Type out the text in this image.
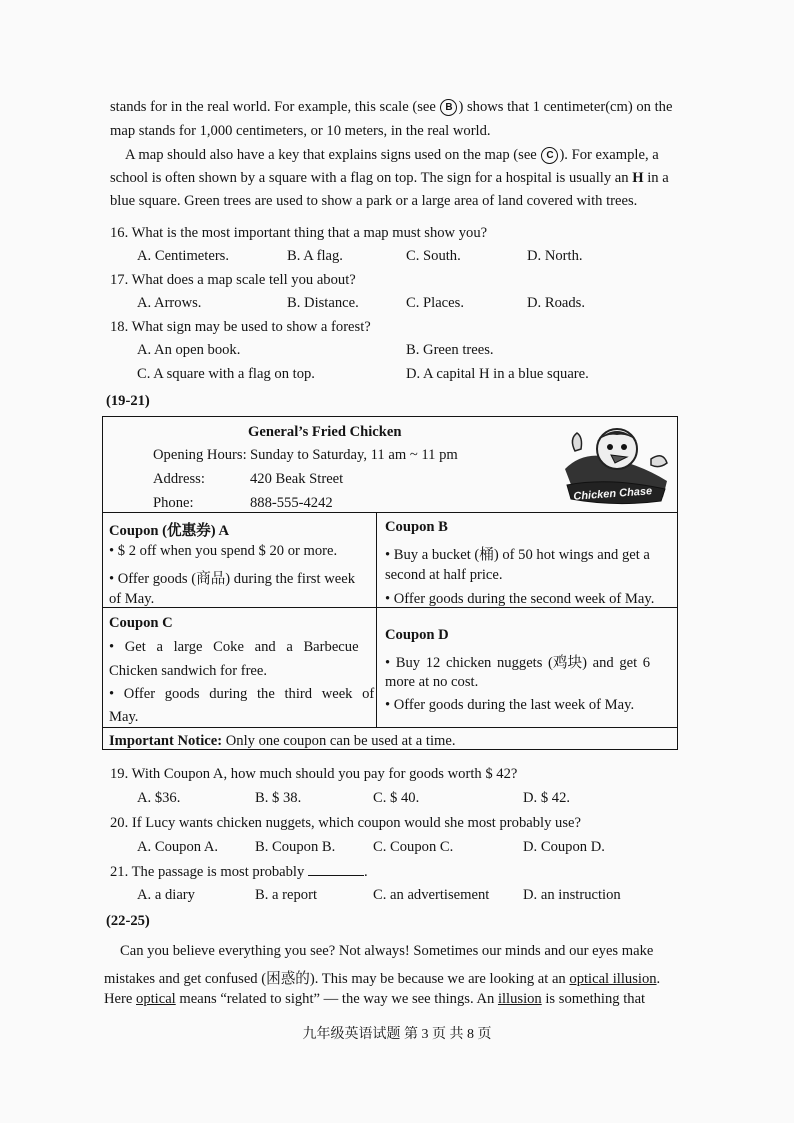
stands for in the real world. For example, this scale (see B ) shows that 1 centimeter(cm) on the
map stands for 1,000 centimeters, or 10 meters, in the real world.
A map should also have a key that explains signs used on the map (see C ). For example, a
school is often shown by a square with a flag on top. The sign for a hospital is usually an H in a
blue square. Green trees are used to show a park or a large area of land covered with trees.
16. What is the most important thing that a map must show you?
A. Centimeters.	B. A flag.	C. South.	D. North.
17. What does a map scale tell you about?
A. Arrows.	B. Distance.	C. Places.	D. Roads.
18. What sign may be used to show a forest?
A. An open book.	B. Green trees.
C. A square with a flag on top.	D. A capital H in a blue square.
(19-21)
General’s Fried Chicken
Opening Hours: Sunday to Saturday, 11 am ~ 11 pm
Address:	420 Beak Street
Phone:	888-555-4242
Chicken Chase
Coupon (优惠券) A
• $ 2 off when you spend $ 20 or more.
• Offer goods (商品) during the first week
of May.
Coupon B
• Buy a bucket (桶) of 50 hot wings and get a
second at half price.
• Offer goods during the second week of May.
Coupon C
• Get a large Coke and a Barbecue
Chicken sandwich for free.
• Offer goods during the third week of
May.
Coupon D
• Buy 12 chicken nuggets (鸡块) and get 6
more at no cost.
• Offer goods during the last week of May.
Important Notice: Only one coupon can be used at a time.
19. With Coupon A, how much should you pay for goods worth $ 42?
A. $36.	B. $ 38.	C. $ 40.	D. $ 42.
20. If Lucy wants chicken nuggets, which coupon would she most probably use?
A. Coupon A.	B. Coupon B.	C. Coupon C.	D. Coupon D.
21. The passage is most probably	.
A. a diary	B. a report	C. an advertisement D. an instruction
(22-25)
Can you believe everything you see? Not always! Sometimes our minds and our eyes make
mistakes and get confused (困惑的). This may be because we are looking at an optical illusion.
Here optical means “related to sight” — the way we see things. An illusion is something that
九年级英语试题 第 3 页 共 8 页
